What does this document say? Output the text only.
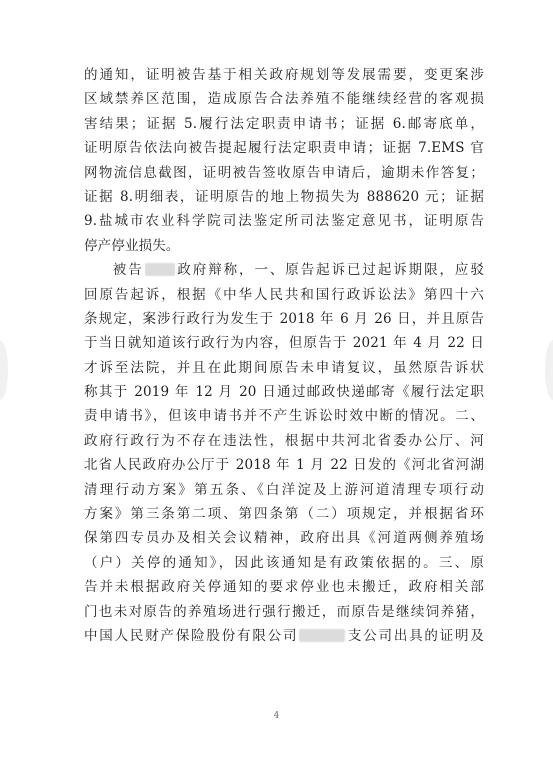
的通知，证明被告基于相关政府规划等发展需要，变更案涉
区域禁养区范围，造成原告合法养殖不能继续经营的客观损
害结果；证据 5.履行法定职责申请书；证据 6.邮寄底单，
证明原告依法向被告提起履行法定职责申请；证据 7.EMS 官
网物流信息截图，证明被告签收原告申请后，逾期未作答复；
证据 8.明细表，证明原告的地上物损失为 888620 元；证据
9.盐城市农业科学院司法鉴定所司法鉴定意见书，证明原告
停产停业损失。

被告 政府辩称，一、原告起诉已过起诉期限，应驳
回原告起诉，根据《中华人民共和国行政诉讼法》第四十六
条规定，案涉行政行为发生于 2018 年 6 月 26 日，并且原告
于当日就知道该行政行为内容，但原告于 2021 年 4 月 22 日
才诉至法院，并且在此期间原告未申请复议，虽然原告诉状
称其于 2019 年 12 月 20 日通过邮政快递邮寄《履行法定职
责申请书》，但该申请书并不产生诉讼时效中断的情况。二、
政府行政行为不存在违法性，根据中共河北省委办公厅、河
北省人民政府办公厅于 2018 年 1 月 22 日发的《河北省河湖
清理行动方案》第五条、《白洋淀及上游河道清理专项行动
方案》第三条第二项、第四条第（二）项规定，并根据省环
保第四专员办及相关会议精神，政府出具《河道两侧养殖场
（户）关停的通知》，因此该通知是有政策依据的。三、原
告并未根据政府关停通知的要求停业也未搬迁，政府相关部
门也未对原告的养殖场进行强行搬迁，而原告是继续饲养猪，
中国人民财产保险股份有限公司	支公司出具的证明及

4
